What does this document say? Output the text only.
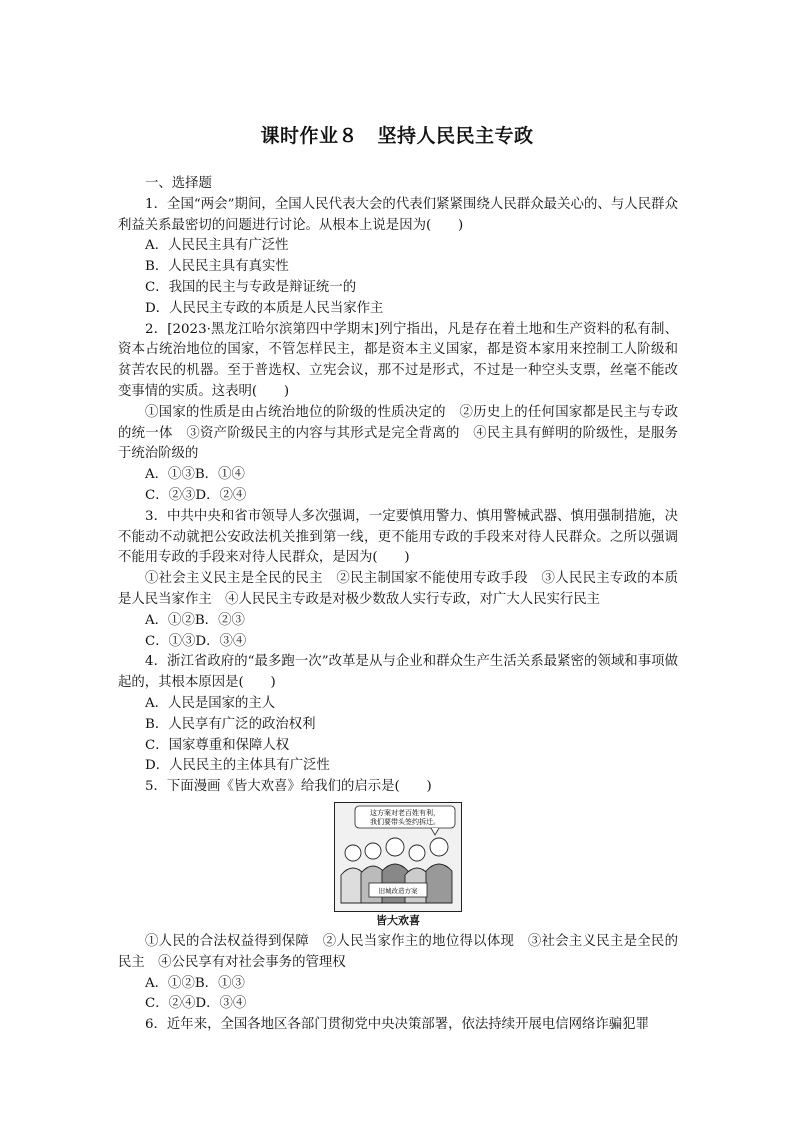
课时作业８　坚持人民民主专政

一、选择题

1．全国“两会”期间，全国人民代表大会的代表们紧紧围绕人民群众最关心的、与人民群众利益关系最密切的问题进行讨论。从根本上说是因为(　　)

A．人民民主具有广泛性

B．人民民主具有真实性

C．我国的民主与专政是辩证统一的

D．人民民主专政的本质是人民当家作主

2．[2023·黑龙江哈尔滨第四中学期末]列宁指出，凡是存在着土地和生产资料的私有制、资本占统治地位的国家，不管怎样民主，都是资本主义国家，都是资本家用来控制工人阶级和贫苦农民的机器。至于普选权、立宪会议，那不过是形式，不过是一种空头支票，丝毫不能改变事情的实质。这表明(　　)

①国家的性质是由占统治地位的阶级的性质决定的　②历史上的任何国家都是民主与专政的统一体　③资产阶级民主的内容与其形式是完全背离的　④民主具有鲜明的阶级性，是服务于统治阶级的

A．①③B．①④

C．②③D．②④

3．中共中央和省市领导人多次强调，一定要慎用警力、慎用警械武器、慎用强制措施，决不能动不动就把公安政法机关推到第一线，更不能用专政的手段来对待人民群众。之所以强调不能用专政的手段来对待人民群众，是因为(　　)

①社会主义民主是全民的民主　②民主制国家不能使用专政手段　③人民民主专政的本质是人民当家作主　④人民民主专政是对极少数敌人实行专政，对广大人民实行民主

A．①②B．②③

C．①③D．③④

4．浙江省政府的“最多跑一次”改革是从与企业和群众生产生活关系最紧密的领域和事项做起的，其根本原因是(　　)

A．人民是国家的主人

B．人民享有广泛的政治权利

C．国家尊重和保障人权

D．人民民主的主体具有广泛性

5．下面漫画《皆大欢喜》给我们的启示是(　　)

这方案对老百姓有利，
我们要带头签约拆迁。
旧城改造方案
皆大欢喜

①人民的合法权益得到保障　②人民当家作主的地位得以体现　③社会主义民主是全民的民主　④公民享有对社会事务的管理权

A．①②B．①③

C．②④D．③④

6．近年来，全国各地区各部门贯彻党中央决策部署，依法持续开展电信网络诈骗犯罪
